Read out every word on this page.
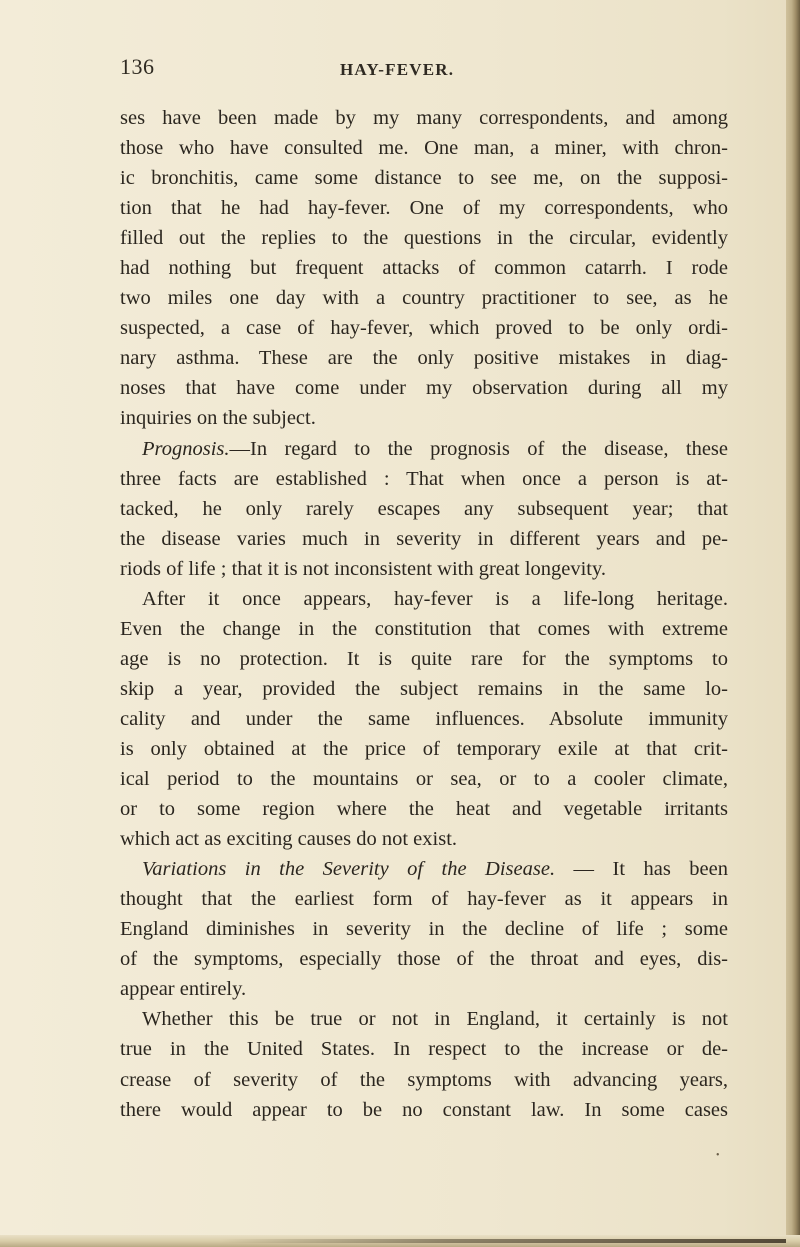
136	HAY-FEVER.
ses have been made by my many correspondents, and among
those who have consulted me. One man, a miner, with chron-
ic bronchitis, came some distance to see me, on the supposi-
tion that he had hay-fever. One of my correspondents, who
filled out the replies to the questions in the circular, evidently
had nothing but frequent attacks of common catarrh. I rode
two miles one day with a country practitioner to see, as he
suspected, a case of hay-fever, which proved to be only ordi-
nary asthma. These are the only positive mistakes in diag-
noses that have come under my observation during all my
inquiries on the subject.
Prognosis.—In regard to the prognosis of the disease, these
three facts are established : That when once a person is at-
tacked, he only rarely escapes any subsequent year; that
the disease varies much in severity in different years and pe-
riods of life ; that it is not inconsistent with great longevity.
After it once appears, hay-fever is a life-long heritage.
Even the change in the constitution that comes with extreme
age is no protection. It is quite rare for the symptoms to
skip a year, provided the subject remains in the same lo-
cality and under the same influences. Absolute immunity
is only obtained at the price of temporary exile at that crit-
ical period to the mountains or sea, or to a cooler climate,
or to some region where the heat and vegetable irritants
which act as exciting causes do not exist.
Variations in the Severity of the Disease. — It has been
thought that the earliest form of hay-fever as it appears in
England diminishes in severity in the decline of life ; some
of the symptoms, especially those of the throat and eyes, dis-
appear entirely.
Whether this be true or not in England, it certainly is not
true in the United States. In respect to the increase or de-
crease of severity of the symptoms with advancing years,
there would appear to be no constant law. In some cases
•
